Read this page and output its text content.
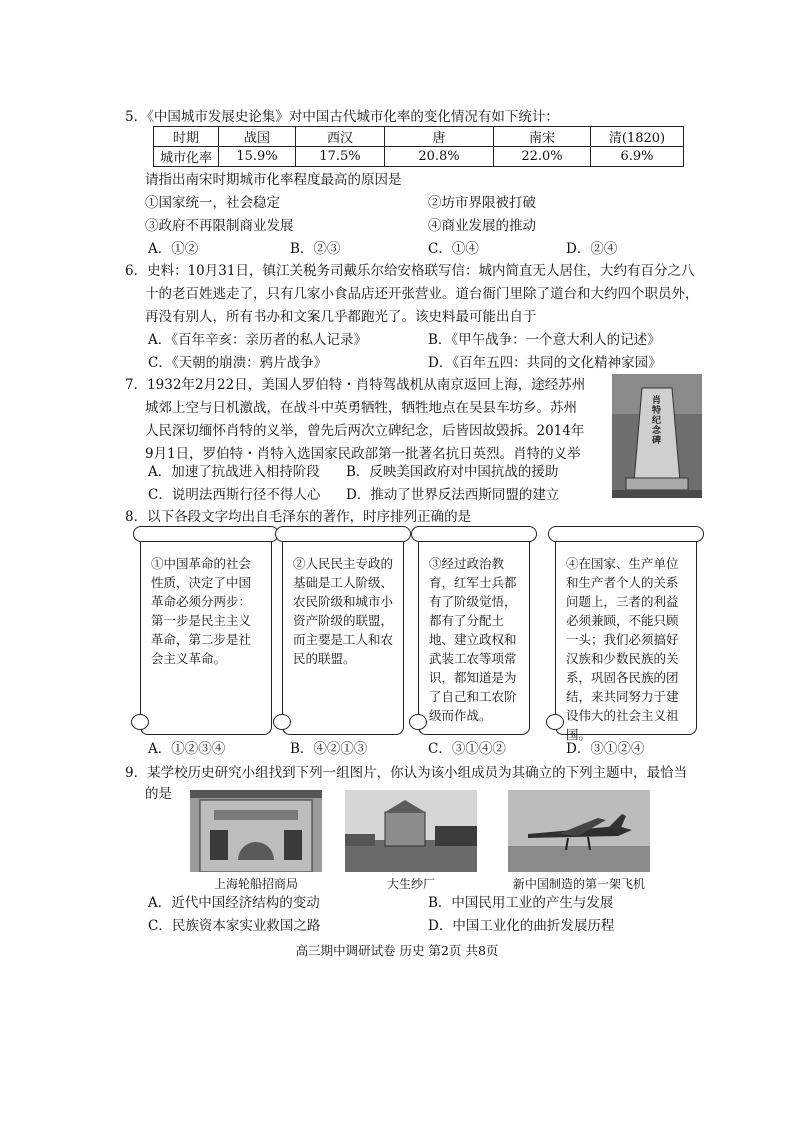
5．《中国城市发展史论集》对中国古代城市化率的变化情况有如下统计：
时期	战国	西汉	唐	南宋	清(1820)
城市化率	15.9%	17.5%	20.8%	22.0%	6.9%
请指出南宋时期城市化率程度最高的原因是
①国家统一，社会稳定	②坊市界限被打破
③政府不再限制商业发展	④商业发展的推动
A．①②	B．②③	C．①④	D．②④
6．史料：10月31日，镇江关税务司戴乐尔给安格联写信：城内简直无人居住，大约有百分之八
十的老百姓逃走了，只有几家小食品店还开张营业。道台衙门里除了道台和大约四个职员外，
再没有别人，所有书办和文案几乎都跑光了。该史料最可能出自于
A．《百年辛亥：亲历者的私人记录》	B．《甲午战争：一个意大利人的记述》
C．《天朝的崩溃：鸦片战争》	D．《百年五四：共同的文化精神家园》
7．1932年2月22日，美国人罗伯特・肖特驾战机从南京返回上海，途经苏州
城郊上空与日机激战，在战斗中英勇牺牲，牺牲地点在吴县车坊乡。苏州
人民深切缅怀肖特的义举，曾先后两次立碑纪念，后皆因故毁拆。2014年
9月1日，罗伯特・肖特入选国家民政部第一批著名抗日英烈。肖特的义举
A．加速了抗战进入相持阶段 B．反映美国政府对中国抗战的援助
C．说明法西斯行径不得人心 D．推动了世界反法西斯同盟的建立
肖特纪念碑
8．以下各段文字均出自毛泽东的著作，时序排列正确的是
①中国革命的社会性质，决定了中国革命必须分两步：第一步是民主主义革命，第二步是社会主义革命。
②人民民主专政的基础是工人阶级、农民阶级和城市小资产阶级的联盟，而主要是工人和农民的联盟。
③经过政治教育，红军士兵都有了阶级觉悟，都有了分配土地、建立政权和武装工农等项常识，都知道是为了自己和工农阶级而作战。
④在国家、生产单位和生产者个人的关系问题上，三者的利益必须兼顾，不能只顾一头；我们必须搞好汉族和少数民族的关系，巩固各民族的团结，来共同努力于建设伟大的社会主义祖国。
A．①②③④	B．④②①③	C．③①④②	D．③①②④
9．某学校历史研究小组找到下列一组图片，你认为该小组成员为其确立的下列主题中，最恰当
的是
上海轮船招商局	大生纱厂	新中国制造的第一架飞机
A．近代中国经济结构的变动	B．中国民用工业的产生与发展
C．民族资本家实业救国之路	D．中国工业化的曲折发展历程
高三期中调研试卷 历史 第2页 共8页
